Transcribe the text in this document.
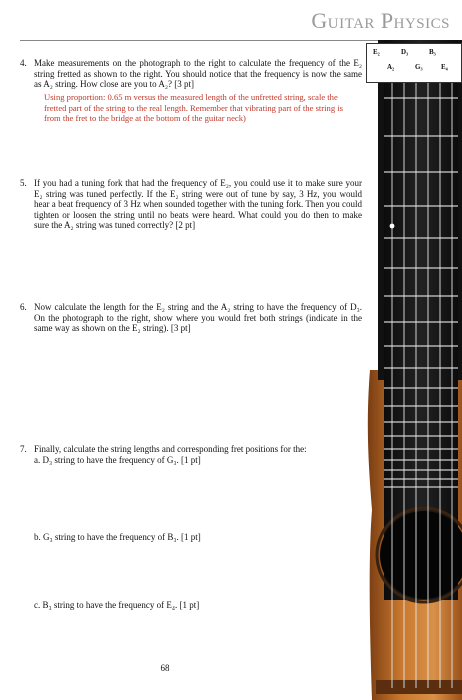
Guitar Physics
4. Make measurements on the photograph to the right to calculate the frequency of the E₂ string fretted as shown to the right. You should notice that the frequency is now the same as A₂ string. How close are you to A₂? [3 pt]
Using proportion: 0.65 m versus the measured length of the unfretted string, scale the fretted part of the string to the real length. Remember that vibrating part of the string is from the fret to the bridge at the bottom of the guitar neck)
5. If you had a tuning fork that had the frequency of E₂, you could use it to make sure your E₂ string was tuned perfectly. If the E₂ string were out of tune by say, 3 Hz, you would hear a beat frequency of 3 Hz when sounded together with the tuning fork. Then you could tighten or loosen the string until no beats were heard. What could you do then to make sure the A₂ string was tuned correctly? [2 pt]
6. Now calculate the length for the E₂ string and the A₂ string to have the frequency of D₃. On the photograph to the right, show where you would fret both strings (indicate in the same way as shown on the E₂ string). [3 pt]
7. Finally, calculate the string lengths and corresponding fret positions for the:
a. D₃ string to have the frequency of G₃. [1 pt]
b. G₃ string to have the frequency of B₃. [1 pt]
c. B₃ string to have the frequency of E₄. [1 pt]
68
E₂	D₃	B₃
A₂	G₃	E₄
